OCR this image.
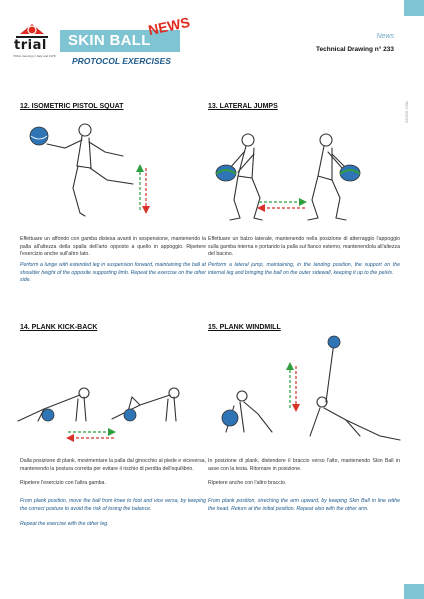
trial
TRIAL Gaming in Italy and 1978
SKIN BALL
NEWS
PROTOCOL EXERCISES
News
Technical Drawing n° 233
REV 0/2020
12. ISOMETRIC PISTOL SQUAT
Effettuare un affondo con gamba distesa avanti in sospensione, mantenendo la palla all'altezza della spalla dell'arto opposto a quello in appoggio. Ripetere l'esercizio anche sull'altro lato.
Perform a lunge with extended leg in suspension forward, maintaining the ball at shoulder height of the opposite supporting limb. Repeat the exercise on the other side.
13. LATERAL JUMPS
Effettuare un balzo laterale, mantenendo nella posizione di atterraggio l'appoggio sulla gamba interna e portando la palla sul fianco esterno, mantenendola all'altezza del bacino.
Perform a lateral jump, maintaining, in the landing position, the support on the internal leg and bringing the ball on the outer sidewall, keeping it up to the pelvis.
14. PLANK KICK-BACK
Dalla posizione di plank, movimentare la palla dal ginocchio al piede e viceversa, mantenendo la postura corretta per evitare il rischio di perdita dell'equilibrio.
Ripetere l'esercizio con l'altra gamba.
From plank position, move the ball from knee to foot and vice versa, by keeping the correct posture to avoid the risk of losing the balance.
Repeat the exercise with the other leg.
15. PLANK WINDMILL
In posizione di plank, distendere il braccio verso l'alto, mantenendo Skin Ball in asse con la testa. Ritornare in posizione.
Ripetere anche con l'altro braccio.
From plank position, streching the arm upward, by keeping Skin Ball in line withe the head. Return at the initial position. Repeat also with the other arm.
